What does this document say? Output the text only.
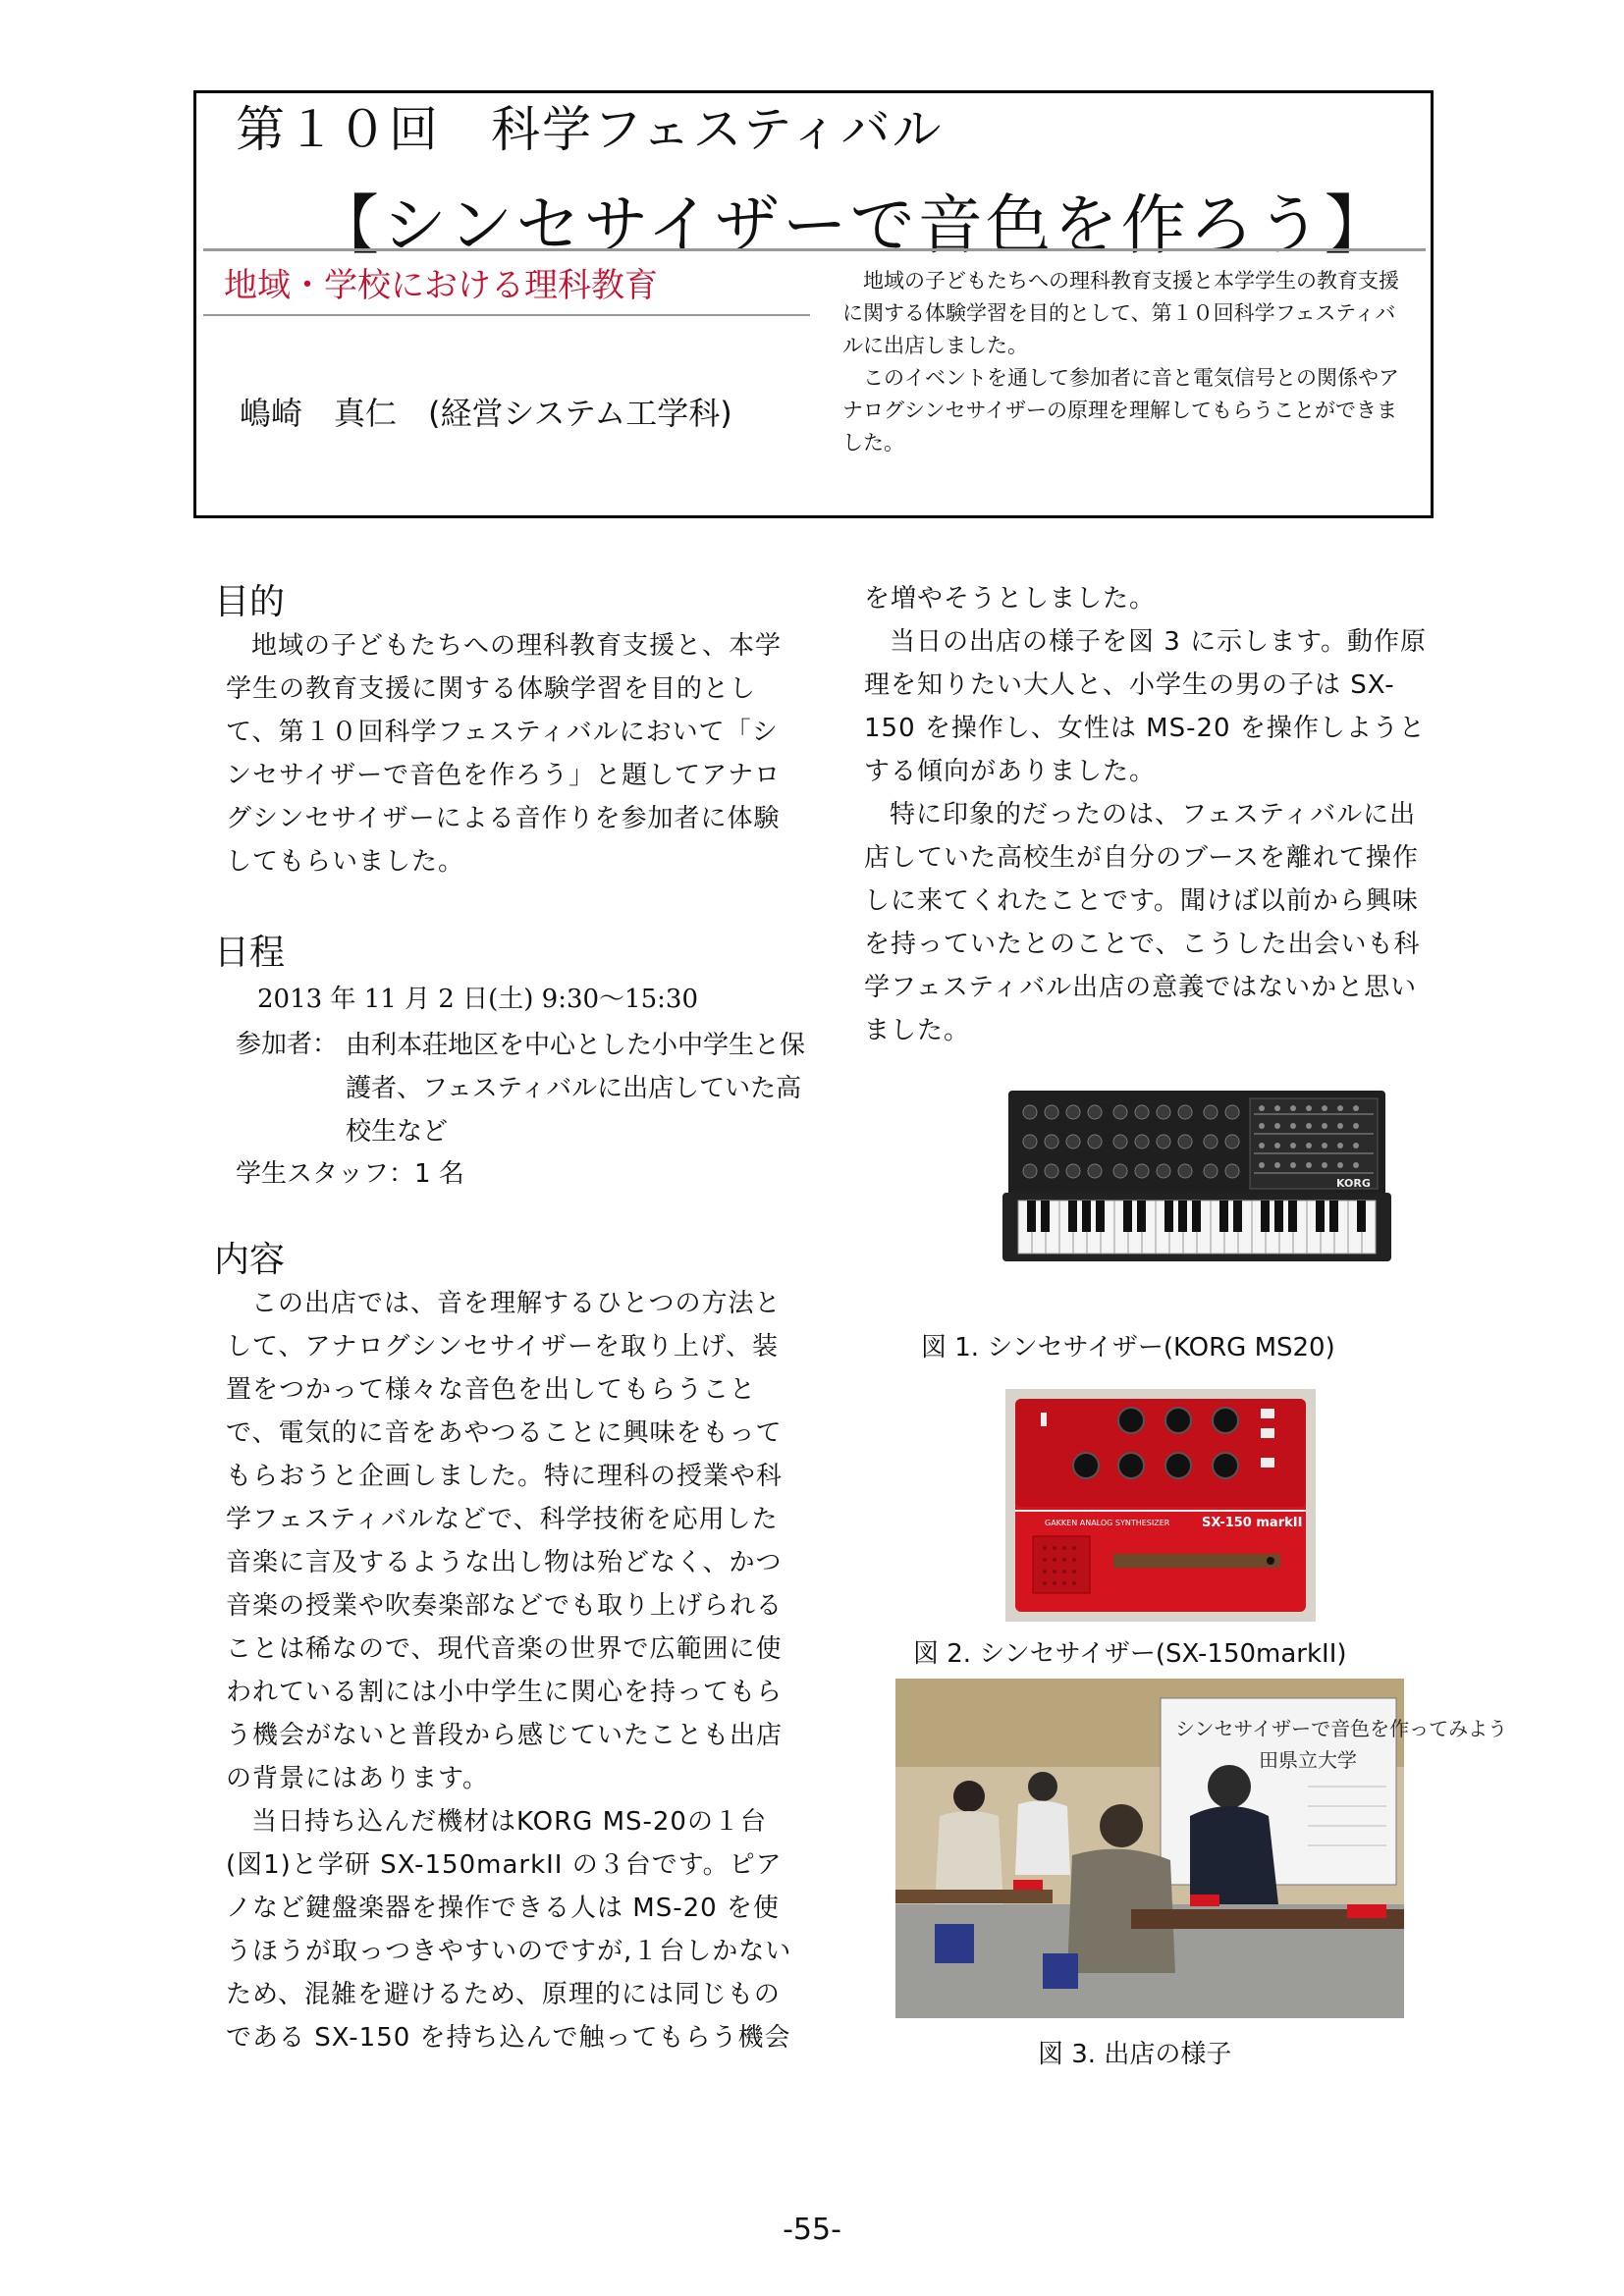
第１０回　科学フェスティバル
【シンセサイザーで音色を作ろう】
地域・学校における理科教育
嶋崎　真仁　(経営システム工学科)

地域の子どもたちへの理科教育支援と本学学生の教育支援に関する体験学習を目的として、第１０回科学フェスティバルに出店しました。

このイベントを通して参加者に音と電気信号との関係やアナログシンセサイザーの原理を理解してもらうことができました。

目的

地域の子どもたちへの理科教育支援と、本学学生の教育支援に関する体験学習を目的として、第１０回科学フェスティバルにおいて「シンセサイザーで音色を作ろう」と題してアナログシンセサイザーによる音作りを参加者に体験してもらいました。

日程
2013 年 11 月 2 日(土) 9:30～15:30
参加者： 由利本荘地区を中心とした小中学生と保護者、フェスティバルに出店していた高校生など
学生スタッフ：1 名
内容

この出店では、音を理解するひとつの方法として、アナログシンセサイザーを取り上げ、装置をつかって様々な音色を出してもらうことで、電気的に音をあやつることに興味をもってもらおうと企画しました。特に理科の授業や科学フェスティバルなどで、科学技術を応用した音楽に言及するような出し物は殆どなく、かつ音楽の授業や吹奏楽部などでも取り上げられることは稀なので、現代音楽の世界で広範囲に使われている割には小中学生に関心を持ってもらう機会がないと普段から感じていたことも出店の背景にはあります。

当日持ち込んだ機材はKORG MS-20の１台(図1)と学研 SX-150markII の３台です。ピアノなど鍵盤楽器を操作できる人は MS-20 を使うほうが取っつきやすいのですが,１台しかないため、混雑を避けるため、原理的には同じものである SX-150 を持ち込んで触ってもらう機会

を増やそうとしました。

当日の出店の様子を図 3 に示します。動作原理を知りたい大人と、小学生の男の子は SX-150 を操作し、女性は MS-20 を操作しようとする傾向がありました。

特に印象的だったのは、フェスティバルに出店していた高校生が自分のブースを離れて操作しに来てくれたことです。聞けば以前から興味を持っていたとのことで、こうした出会いも科学フェスティバル出店の意義ではないかと思いました。

KORG
図 1. シンセサイザー(KORG MS20)
GAKKEN ANALOG SYNTHESIZER	SX-150 markII
図 2. シンセサイザー(SX-150markII)
シンセサイザーで音色を作ってみよう
田県立大学
図 3. 出店の様子
-55-
